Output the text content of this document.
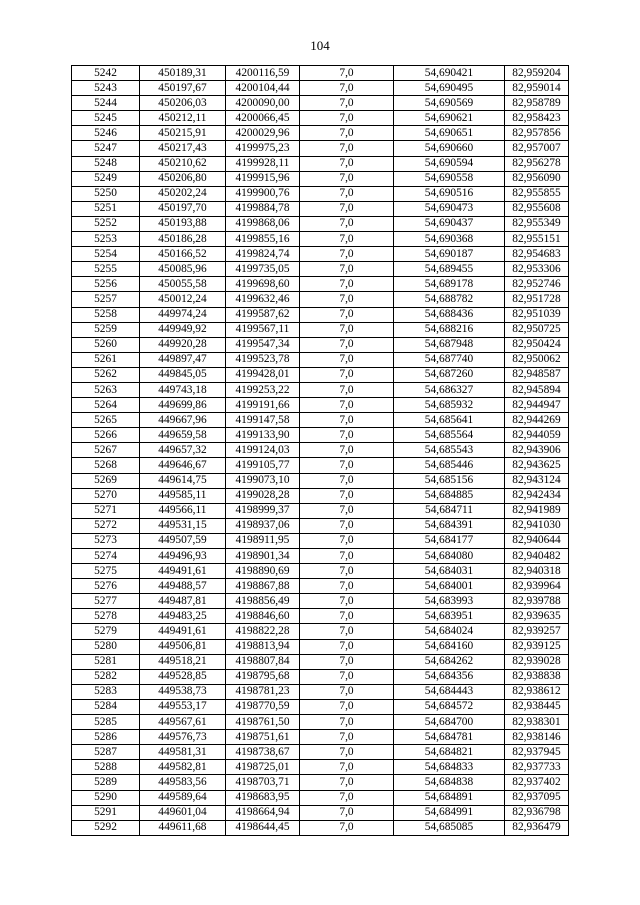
104
5242	450189,31	4200116,59	7,0	54,690421	82,959204
5243	450197,67	4200104,44	7,0	54,690495	82,959014
5244	450206,03	4200090,00	7,0	54,690569	82,958789
5245	450212,11	4200066,45	7,0	54,690621	82,958423
5246	450215,91	4200029,96	7,0	54,690651	82,957856
5247	450217,43	4199975,23	7,0	54,690660	82,957007
5248	450210,62	4199928,11	7,0	54,690594	82,956278
5249	450206,80	4199915,96	7,0	54,690558	82,956090
5250	450202,24	4199900,76	7,0	54,690516	82,955855
5251	450197,70	4199884,78	7,0	54,690473	82,955608
5252	450193,88	4199868,06	7,0	54,690437	82,955349
5253	450186,28	4199855,16	7,0	54,690368	82,955151
5254	450166,52	4199824,74	7,0	54,690187	82,954683
5255	450085,96	4199735,05	7,0	54,689455	82,953306
5256	450055,58	4199698,60	7,0	54,689178	82,952746
5257	450012,24	4199632,46	7,0	54,688782	82,951728
5258	449974,24	4199587,62	7,0	54,688436	82,951039
5259	449949,92	4199567,11	7,0	54,688216	82,950725
5260	449920,28	4199547,34	7,0	54,687948	82,950424
5261	449897,47	4199523,78	7,0	54,687740	82,950062
5262	449845,05	4199428,01	7,0	54,687260	82,948587
5263	449743,18	4199253,22	7,0	54,686327	82,945894
5264	449699,86	4199191,66	7,0	54,685932	82,944947
5265	449667,96	4199147,58	7,0	54,685641	82,944269
5266	449659,58	4199133,90	7,0	54,685564	82,944059
5267	449657,32	4199124,03	7,0	54,685543	82,943906
5268	449646,67	4199105,77	7,0	54,685446	82,943625
5269	449614,75	4199073,10	7,0	54,685156	82,943124
5270	449585,11	4199028,28	7,0	54,684885	82,942434
5271	449566,11	4198999,37	7,0	54,684711	82,941989
5272	449531,15	4198937,06	7,0	54,684391	82,941030
5273	449507,59	4198911,95	7,0	54,684177	82,940644
5274	449496,93	4198901,34	7,0	54,684080	82,940482
5275	449491,61	4198890,69	7,0	54,684031	82,940318
5276	449488,57	4198867,88	7,0	54,684001	82,939964
5277	449487,81	4198856,49	7,0	54,683993	82,939788
5278	449483,25	4198846,60	7,0	54,683951	82,939635
5279	449491,61	4198822,28	7,0	54,684024	82,939257
5280	449506,81	4198813,94	7,0	54,684160	82,939125
5281	449518,21	4198807,84	7,0	54,684262	82,939028
5282	449528,85	4198795,68	7,0	54,684356	82,938838
5283	449538,73	4198781,23	7,0	54,684443	82,938612
5284	449553,17	4198770,59	7,0	54,684572	82,938445
5285	449567,61	4198761,50	7,0	54,684700	82,938301
5286	449576,73	4198751,61	7,0	54,684781	82,938146
5287	449581,31	4198738,67	7,0	54,684821	82,937945
5288	449582,81	4198725,01	7,0	54,684833	82,937733
5289	449583,56	4198703,71	7,0	54,684838	82,937402
5290	449589,64	4198683,95	7,0	54,684891	82,937095
5291	449601,04	4198664,94	7,0	54,684991	82,936798
5292	449611,68	4198644,45	7,0	54,685085	82,936479
